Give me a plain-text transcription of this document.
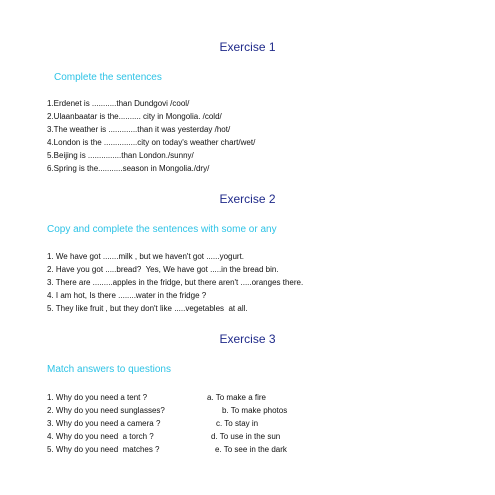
Exercise 1

Complete the sentences

1.Erdenet is ...........than Dundgovi /cool/

2.Ulaanbaatar is the.......... city in Mongolia. /cold/

3.The weather is .............than it was yesterday /hot/

4.London is the ...............city on today's weather chart/wet/

5.Beijing is ...............than London./sunny/

6.Spring is the...........season in Mongolia./dry/

Exercise 2

Copy and complete the sentences with some or any

1. We have got .......milk , but we haven't got ......yogurt.

2. Have you got .....bread?  Yes, We have got .....in the bread bin.

3. There are .........apples in the fridge, but there aren't .....oranges there.

4. I am hot, Is there ........water in the fridge ?

5. They like fruit , but they don't like .....vegetables  at all.

Exercise 3

Match answers to questions

1. Why do you need a tent ?	a. To make a fire

2. Why do you need sunglasses?	b. To make photos

3. Why do you need a camera ?	c. To stay in

4. Why do you need  a torch ?	d. To use in the sun

5. Why do you need  matches ?	e. To see in the dark
